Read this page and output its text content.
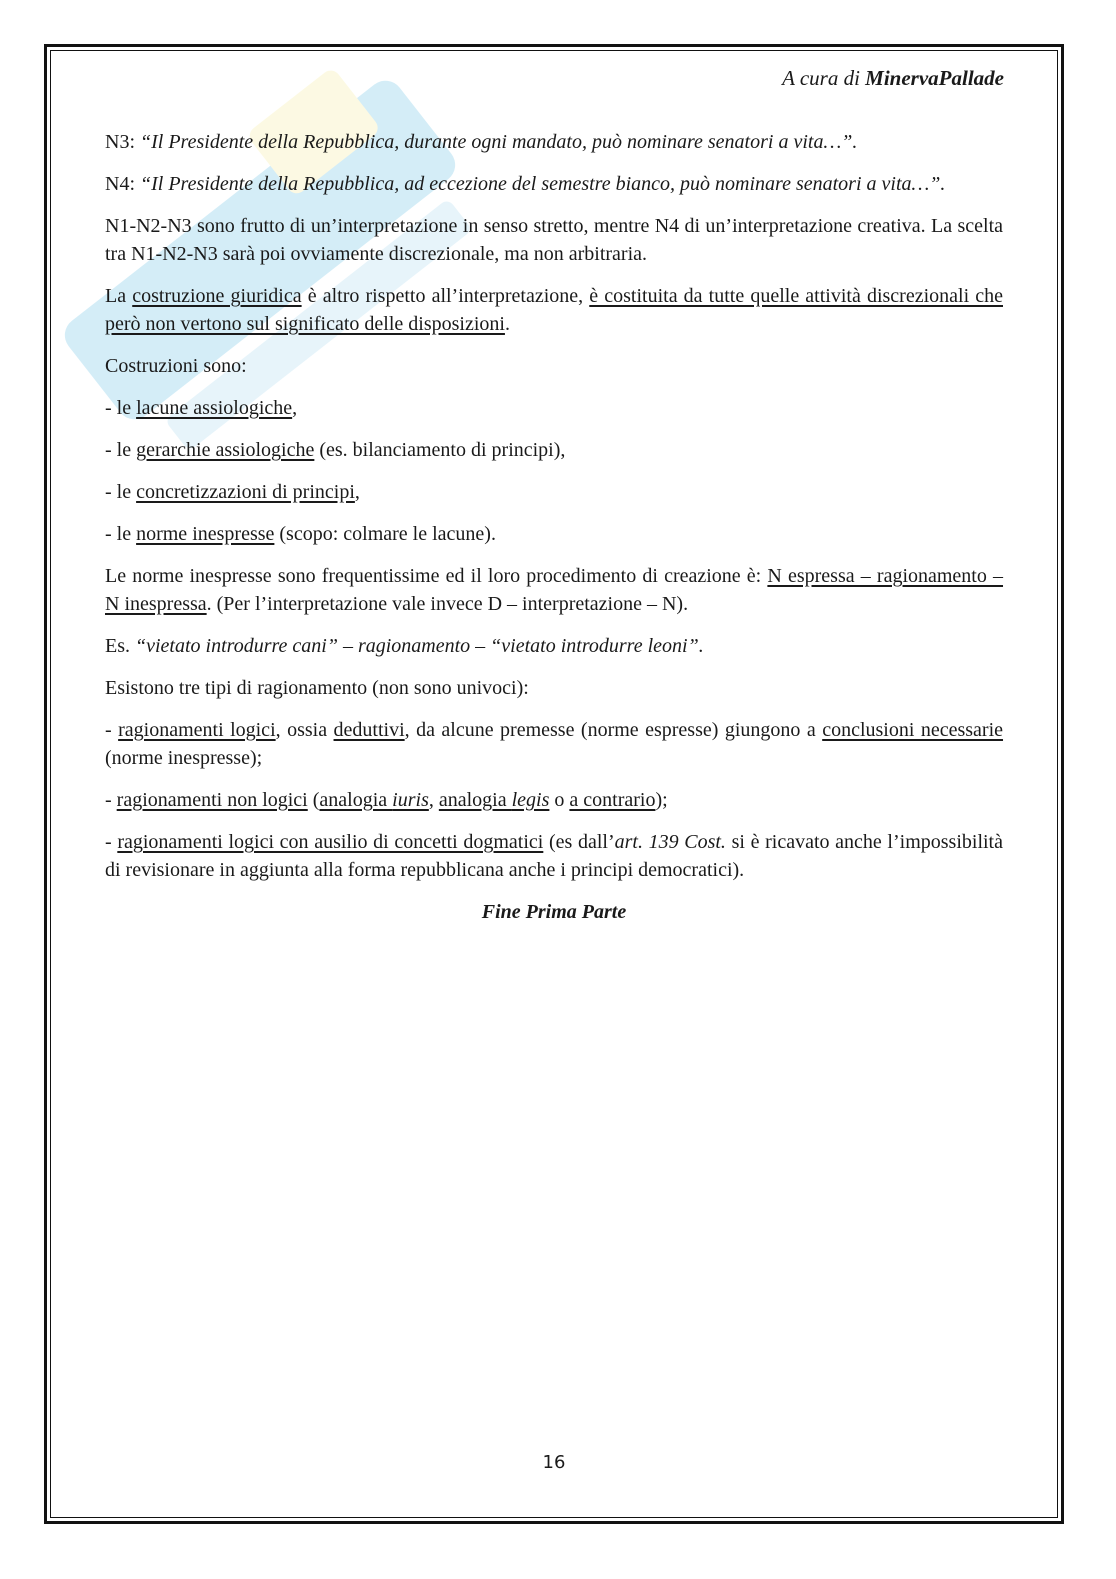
A cura di MinervaPallade

N3: “Il Presidente della Repubblica, durante ogni mandato, può nominare senatori a vita…”.

N4: “Il Presidente della Repubblica, ad eccezione del semestre bianco, può nominare senatori a vita…”.

N1-N2-N3 sono frutto di un’interpretazione in senso stretto, mentre N4 di un’interpretazione creativa. La scelta tra N1-N2-N3 sarà poi ovviamente discrezionale, ma non arbitraria.

La costruzione giuridica è altro rispetto all’interpretazione, è costituita da tutte quelle attività discrezionali che però non vertono sul significato delle disposizioni.

Costruzioni sono:

- le lacune assiologiche,

- le gerarchie assiologiche (es. bilanciamento di principi),

- le concretizzazioni di principi,

- le norme inespresse (scopo: colmare le lacune).

Le norme inespresse sono frequentissime ed il loro procedimento di creazione è: N espressa – ragionamento – N inespressa. (Per l’interpretazione vale invece D – interpretazione – N).

Es. “vietato introdurre cani” – ragionamento – “vietato introdurre leoni”.

Esistono tre tipi di ragionamento (non sono univoci):

- ragionamenti logici, ossia deduttivi, da alcune premesse (norme espresse) giungono a conclusioni necessarie (norme inespresse);

- ragionamenti non logici (analogia iuris, analogia legis o a contrario);

- ragionamenti logici con ausilio di concetti dogmatici (es dall’art. 139 Cost. si è ricavato anche l’impossibilità di revisionare in aggiunta alla forma repubblicana anche i principi democratici).

Fine Prima Parte

16
